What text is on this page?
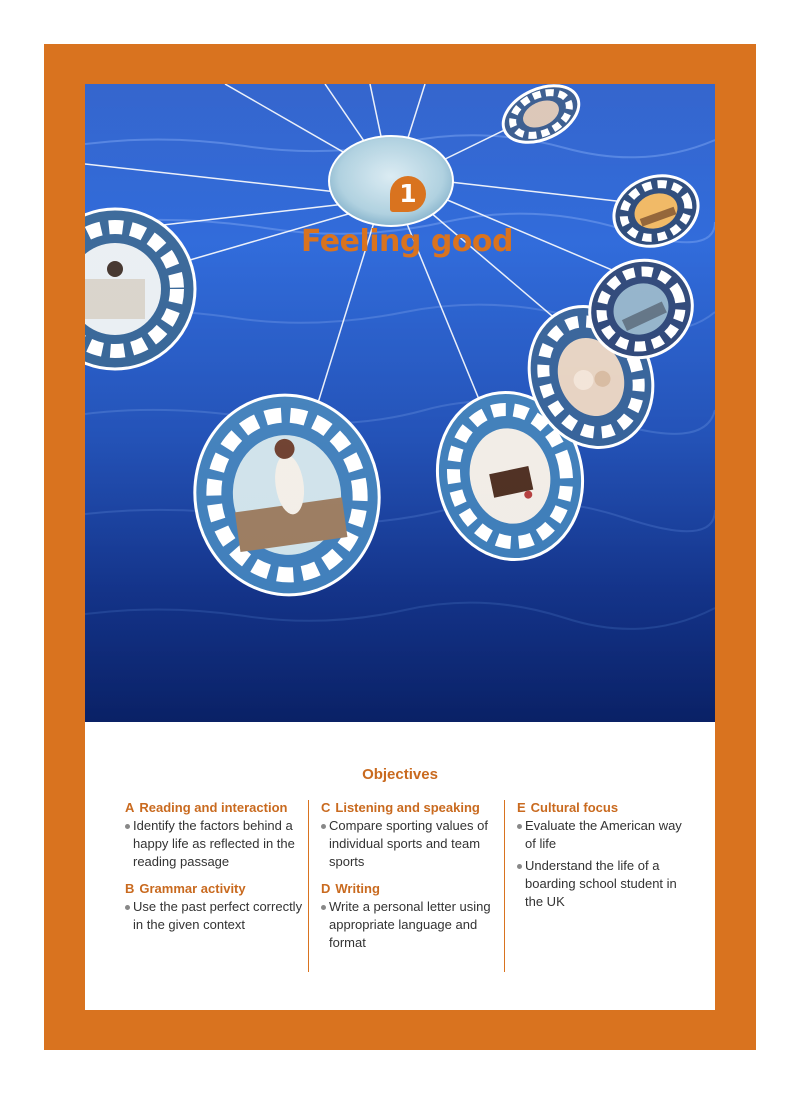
1
Feeling good
Objectives
A Reading and interaction
Identify the factors behind a happy life as reflected in the reading passage
B Grammar activity
Use the past perfect correctly in the given context
C Listening and speaking
Compare sporting values of individual sports and team sports
D Writing
Write a personal letter using appropriate language and format
E Cultural focus
Evaluate the American way of life
Understand the life of a boarding school student in the UK
